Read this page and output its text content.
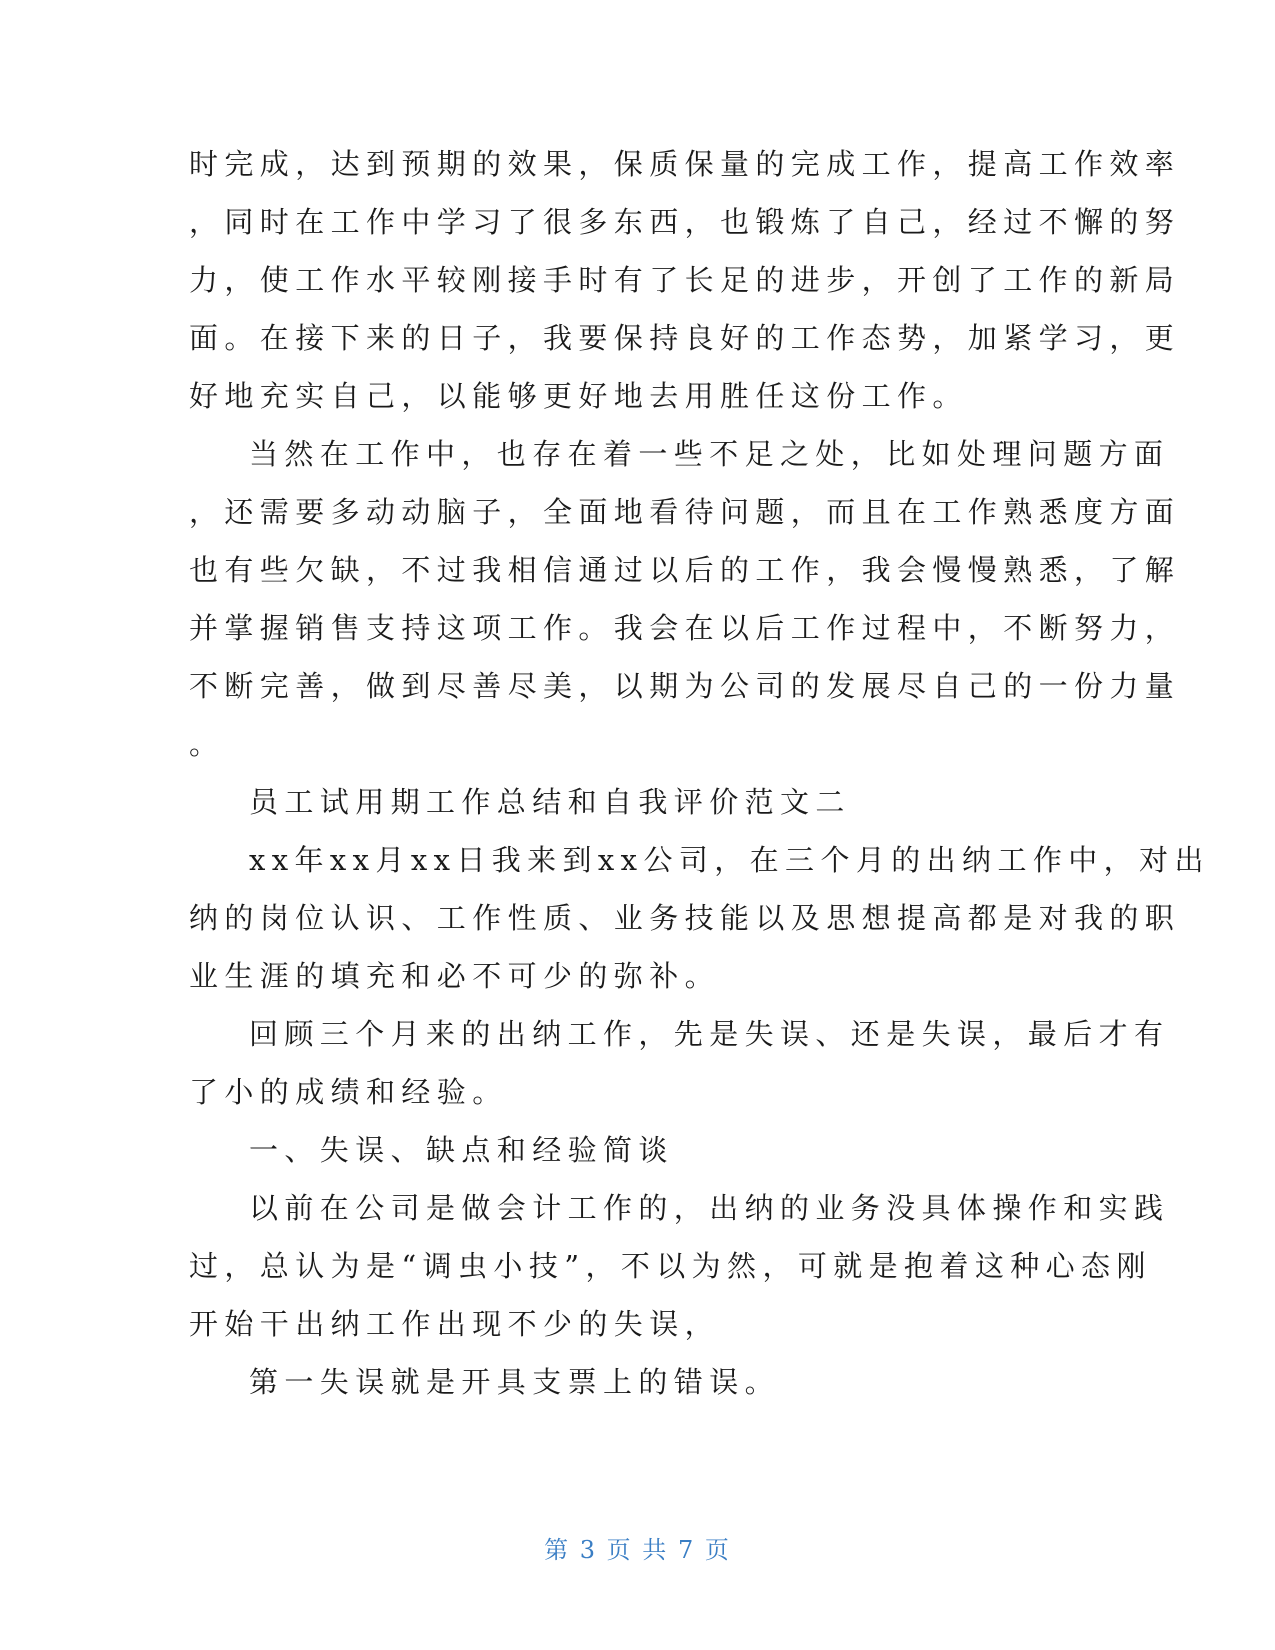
时完成，达到预期的效果，保质保量的完成工作，提高工作效率
，同时在工作中学习了很多东西，也锻炼了自己，经过不懈的努
力，使工作水平较刚接手时有了长足的进步，开创了工作的新局
面。在接下来的日子，我要保持良好的工作态势，加紧学习，更
好地充实自己，以能够更好地去用胜任这份工作。
当然在工作中，也存在着一些不足之处，比如处理问题方面
，还需要多动动脑子，全面地看待问题，而且在工作熟悉度方面
也有些欠缺，不过我相信通过以后的工作，我会慢慢熟悉，了解
并掌握销售支持这项工作。我会在以后工作过程中，不断努力，
不断完善，做到尽善尽美，以期为公司的发展尽自己的一份力量
。
员工试用期工作总结和自我评价范文二
xx年xx月xx日我来到xx公司，在三个月的出纳工作中，对出
纳的岗位认识、工作性质、业务技能以及思想提高都是对我的职
业生涯的填充和必不可少的弥补。
回顾三个月来的出纳工作，先是失误、还是失误，最后才有
了小的成绩和经验。
一、失误、缺点和经验简谈
以前在公司是做会计工作的，出纳的业务没具体操作和实践
过，总认为是“调虫小技”，不以为然，可就是抱着这种心态刚
开始干出纳工作出现不少的失误，
第一失误就是开具支票上的错误。
第 3 页 共 7 页
